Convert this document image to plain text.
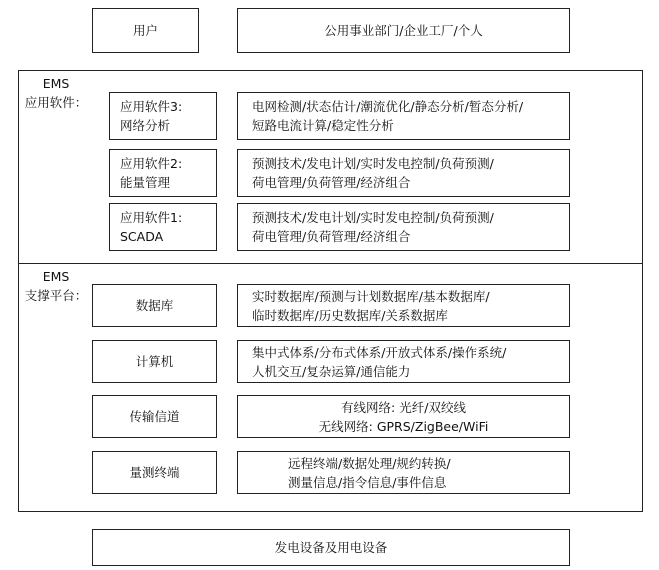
用户	公用事业部门/企业工厂/个人
EMS
应用软件：	应用软件3:
网络分析
电网检测/状态估计/潮流优化/静态分析/暂态分析/
短路电流计算/稳定性分析
应用软件2:
能量管理
预测技术/发电计划/实时发电控制/负荷预测/
荷电管理/负荷管理/经济组合
应用软件1:
SCADA
预测技术/发电计划/实时发电控制/负荷预测/
荷电管理/负荷管理/经济组合
EMS
支撑平台：
数据库
实时数据库/预测与计划数据库/基本数据库/
临时数据库/历史数据库/关系数据库
计算机
集中式体系/分布式体系/开放式体系/操作系统/
人机交互/复杂运算/通信能力
传输信道
有线网络: 光纤/双绞线
无线网络: GPRS/ZigBee/WiFi
量测终端
远程终端/数据处理/规约转换/
测量信息/指令信息/事件信息
发电设备及用电设备
